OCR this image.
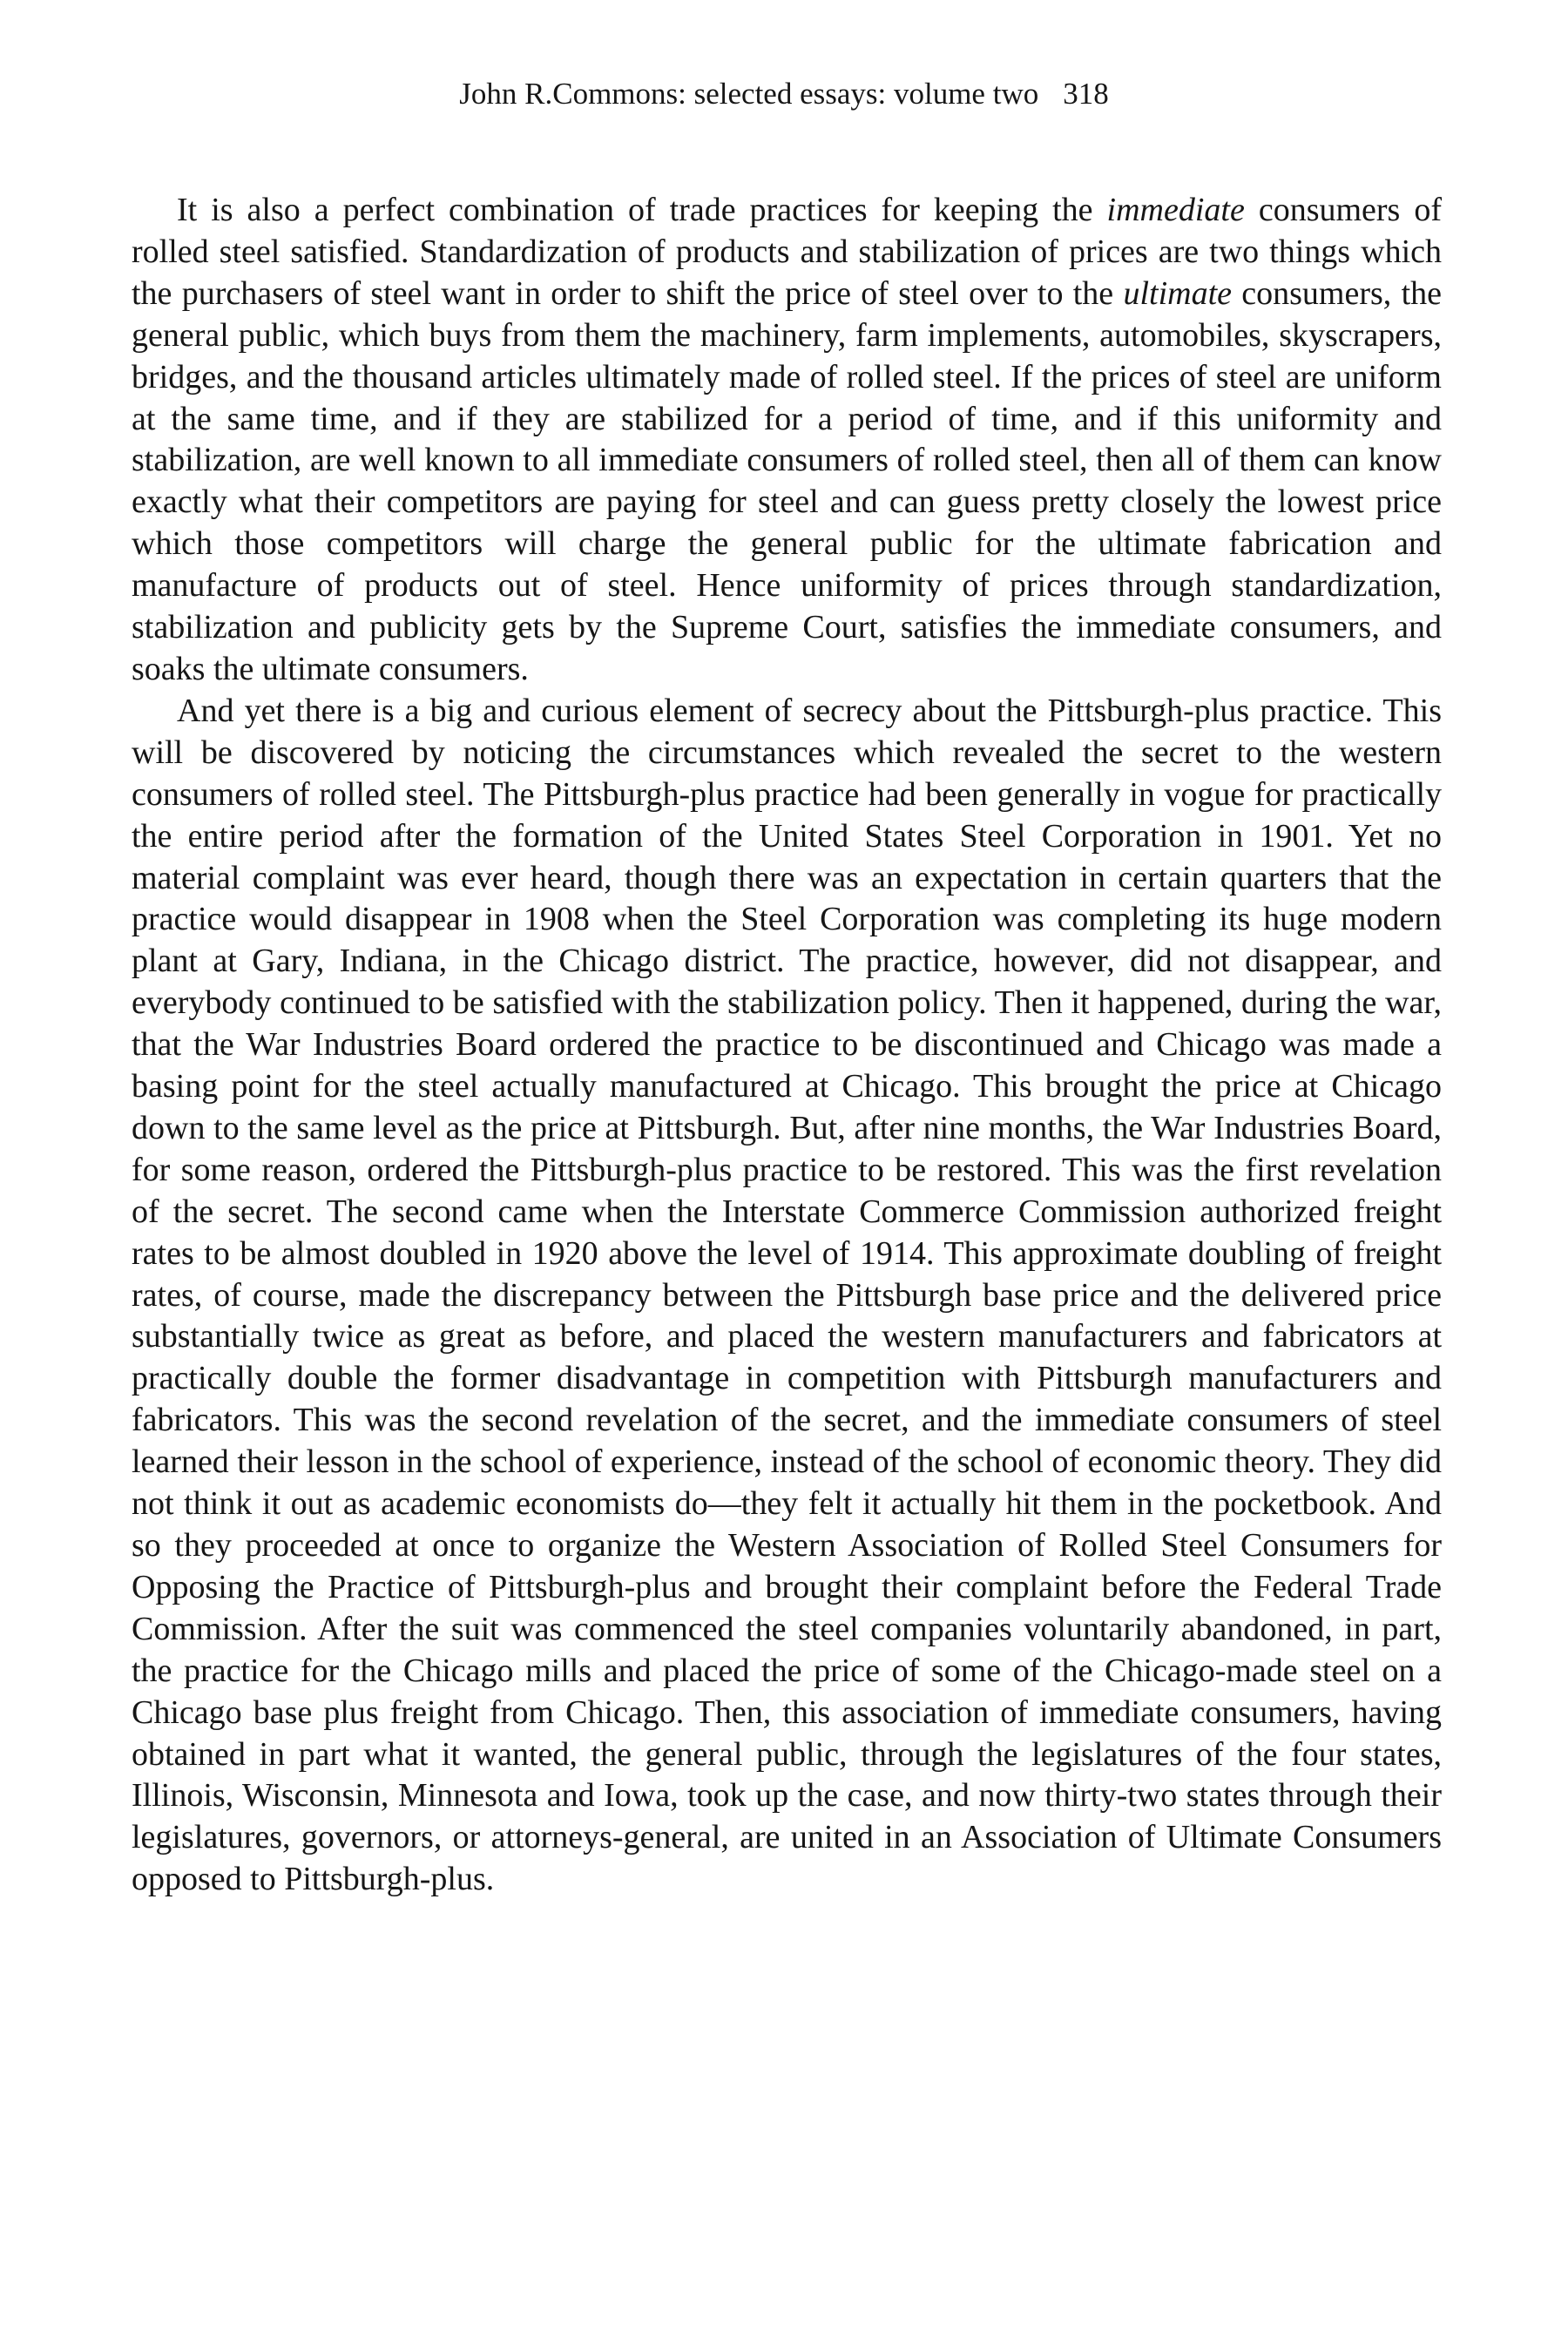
John R.Commons: selected essays: volume two 318

It is also a perfect combination of trade practices for keeping the immediate consumers of rolled steel satisfied. Standardization of products and stabilization of prices are two things which the purchasers of steel want in order to shift the price of steel over to the ultimate consumers, the general public, which buys from them the machinery, farm implements, automobiles, skyscrapers, bridges, and the thousand articles ultimately made of rolled steel. If the prices of steel are uniform at the same time, and if they are stabilized for a period of time, and if this uniformity and stabilization, are well known to all immediate consumers of rolled steel, then all of them can know exactly what their competitors are paying for steel and can guess pretty closely the lowest price which those competitors will charge the general public for the ultimate fabrication and manufacture of products out of steel. Hence uniformity of prices through standardization, stabilization and publicity gets by the Supreme Court, satisfies the immediate consumers, and soaks the ultimate consumers.

And yet there is a big and curious element of secrecy about the Pittsburgh-plus practice. This will be discovered by noticing the circumstances which revealed the secret to the western consumers of rolled steel. The Pittsburgh-plus practice had been generally in vogue for practically the entire period after the formation of the United States Steel Corporation in 1901. Yet no material complaint was ever heard, though there was an expectation in certain quarters that the practice would disappear in 1908 when the Steel Corporation was completing its huge modern plant at Gary, Indiana, in the Chicago district. The practice, however, did not disappear, and everybody continued to be satisfied with the stabilization policy. Then it happened, during the war, that the War Industries Board ordered the practice to be discontinued and Chicago was made a basing point for the steel actually manufactured at Chicago. This brought the price at Chicago down to the same level as the price at Pittsburgh. But, after nine months, the War Industries Board, for some reason, ordered the Pittsburgh-plus practice to be restored. This was the first revelation of the secret. The second came when the Interstate Commerce Commission authorized freight rates to be almost doubled in 1920 above the level of 1914. This approximate doubling of freight rates, of course, made the discrepancy between the Pittsburgh base price and the delivered price substantially twice as great as before, and placed the western manufacturers and fabricators at practically double the former disadvantage in competition with Pittsburgh manufacturers and fabricators. This was the second revelation of the secret, and the immediate consumers of steel learned their lesson in the school of experience, instead of the school of economic theory. They did not think it out as academic economists do—they felt it actually hit them in the pocketbook. And so they proceeded at once to organize the Western Association of Rolled Steel Consumers for Opposing the Practice of Pittsburgh-plus and brought their complaint before the Federal Trade Commission. After the suit was commenced the steel companies voluntarily abandoned, in part, the practice for the Chicago mills and placed the price of some of the Chicago-made steel on a Chicago base plus freight from Chicago. Then, this association of immediate consumers, having obtained in part what it wanted, the general public, through the legislatures of the four states, Illinois, Wisconsin, Minnesota and Iowa, took up the case, and now thirty-two states through their legislatures, governors, or attorneys-general, are united in an Association of Ultimate Consumers opposed to Pittsburgh-plus.
